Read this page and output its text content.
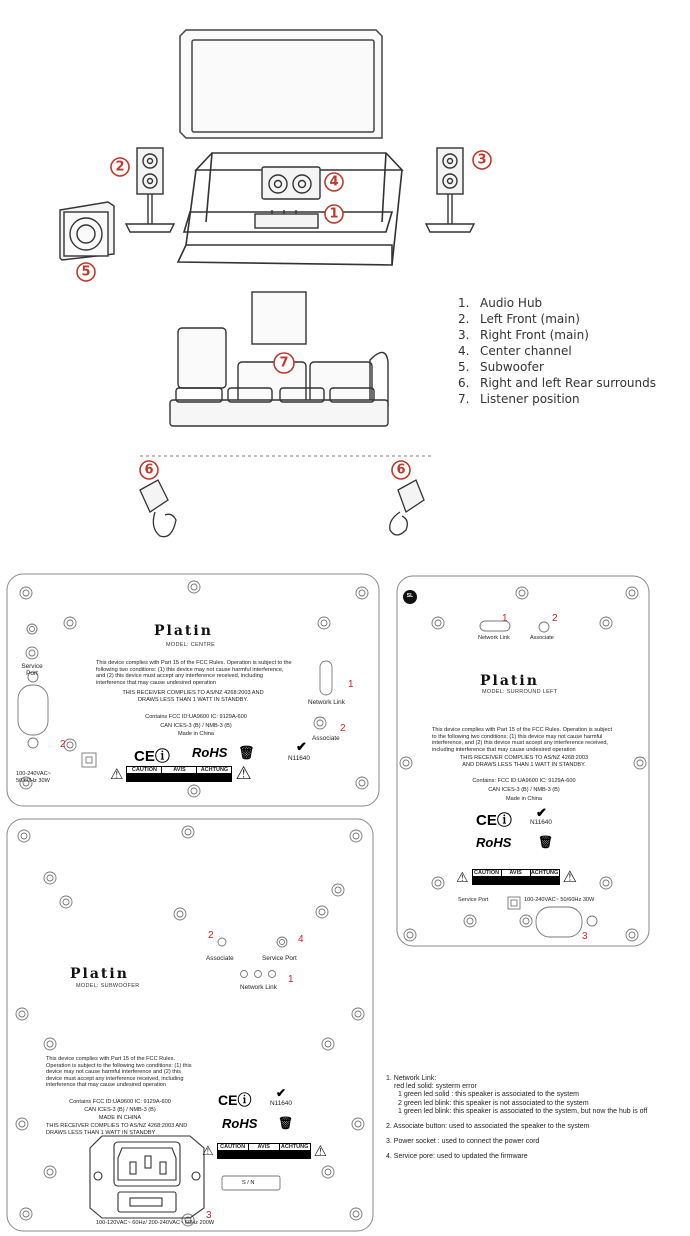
1
2	3
4
5
6	6
7
1. Audio Hub
2. Left Front (main)
3. Right Front (main)
4. Center channel
5. Subwoofer
6. Right and left Rear surrounds
7. Listener position
1
2
2
Platin
MODEL: CENTRE
Service Port
This device complies with Part 15 of the FCC Rules. Operation is subject to the following two conditions: (1) this device may not cause harmful interference, and (2) this device must accept any interference received, including interference that may cause undesired operation
THIS RECEIVER COMPLIES TO AS/NZ 4268:2003 AND DRAWS LESS THAN 1 WATT IN STANDBY.
Contains FCC ID:UA9600 IC: 9129A-600
CAN ICES-3 (B) / NMB-3 (B)
Made in China
Network Link
Associate
100-240VAC~ 50/60Hz 30W
CEⓘ RoHS 🗑	✔
N11640
⚠	CAUTION	AVIS	ACHTUNG ⚠
SL
1	2
3
Network Link	Associate
Platin
MODEL: SURROUND LEFT
This device complies with Part 15 of the FCC Rules. Operation is subject to the following two conditions: (1) this device may not cause harmful interference, and (2) this device must accept any interference received, including interference that may cause undesired operation
THIS RECEIVER COMPLIES TO AS/NZ 4268:2003 AND DRAWS LESS THAN 1 WATT IN STANDBY.
Contains: FCC ID:UA9600 IC: 9129A-600
CAN ICES-3 (B) / NMB-3 (B)
Made in China
CEⓘ ✔
N11640
RoHS 🗑
⚠ CAUTION	AVIS	ACHTUNG ⚠
Service Port	100-240VAC~ 50/60Hz 30W
2	4
1
3
Associate	Service Port
Network Link
Platin
MODEL: SUBWOOFER
This device complies with Part 15 of the FCC Rules. Operation is subject to the following two conditions: (1) this device may not cause harmful interference and (2) this device must accept any interference received, including interference that may cause undesired operation
Contains FCC ID:UA9600 IC: 9129A-600
CAN ICES-3 (B) / NMB-3 (B)
MADE IN CHINA
THIS RECEIVER COMPLIES TO AS/NZ 4268:2003 AND DRAWS LESS THAN 1 WATT IN STANDBY
CEⓘ ✔
N11640
RoHS 🗑
⚠	CAUTION	AVIS	ACHTUNG ⚠
S / N
100-120VAC~ 60Hz/ 200-240VAC~ 60Hz 200W
1. Network Link:
red led solid: systerm error
1 green led solid : this speaker is associated to the system
2 green led blink: this speaker is not associated to the system
1 green led blink: this speaker is associated to the system, but now the hub is off
2. Associate button: used to associated the speaker to the system
3. Power socket : used to connect the power cord
4. Service pore: used to updated the firmware
